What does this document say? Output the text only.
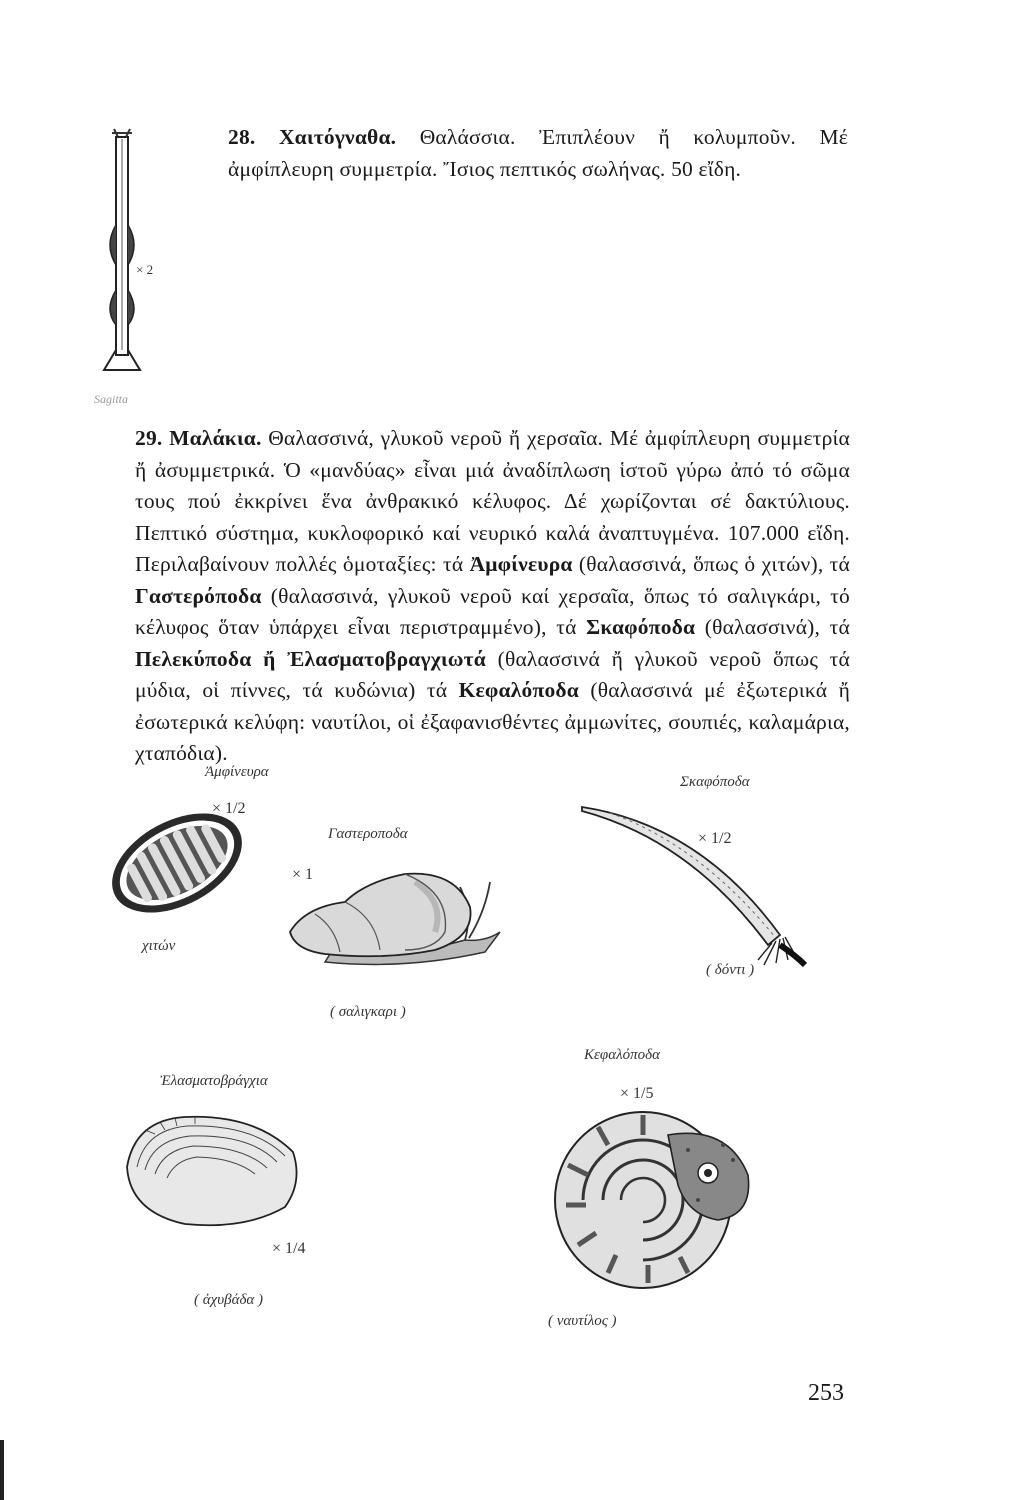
× 2
Sagitta
28. Χαιτόγναθα. Θαλάσσια. Ἐπιπλέουν ἤ κολυμποῦν. Μέ ἀμφίπλευρη συμμετρία. Ἴσιος πεπτικός σωλήνας. 50 εἴδη.
29. Μαλάκια. Θαλασσινά, γλυκοῦ νεροῦ ἤ χερσαῖα. Μέ ἀμφίπλευρη συμμετρία ἤ ἀσυμμετρικά. Ὁ «μανδύας» εἶναι μιά ἀναδίπλωση ἱστοῦ γύρω ἀπό τό σῶμα τους πού ἐκκρίνει ἕνα ἀνθρακικό κέλυφος. Δέ χωρίζονται σέ δακτύλιους. Πεπτικό σύστημα, κυκλοφορικό καί νευρικό καλά ἀναπτυγμένα. 107.000 εἴδη. Περιλαβαίνουν πολλές ὁμοταξίες: τά Ἀμφίνευρα (θαλασσινά, ὅπως ὁ χιτών), τά Γαστερόποδα (θαλασσινά, γλυκοῦ νεροῦ καί χερσαῖα, ὅπως τό σαλιγκάρι, τό κέλυφος ὅταν ὑπάρχει εἶναι περιστραμμένο), τά Σκαφόποδα (θαλασσινά), τά Πελεκύποδα ἤ Ἐλασματοβραγχιωτά (θαλασσινά ἤ γλυκοῦ νεροῦ ὅπως τά μύδια, οἱ πίννες, τά κυδώνια) τά Κεφαλόποδα (θαλασσινά μέ ἐξωτερικά ἤ ἐσωτερικά κελύφη: ναυτίλοι, οἱ ἐξαφανισθέντες ἀμμωνίτες, σουπιές, καλαμάρια, χταπόδια).
Ἀμφίνευρα
× 1/2
χιτών
Γαστεροποδα
× 1
( σαλιγκαρι )
Σκαφόποδα
× 1/2
( δόντι )
Ἐλασματοβράγχια
× 1/4
( ἀχυβάδα )
Κεφαλόποδα
× 1/5
( ναυτίλος )
253
